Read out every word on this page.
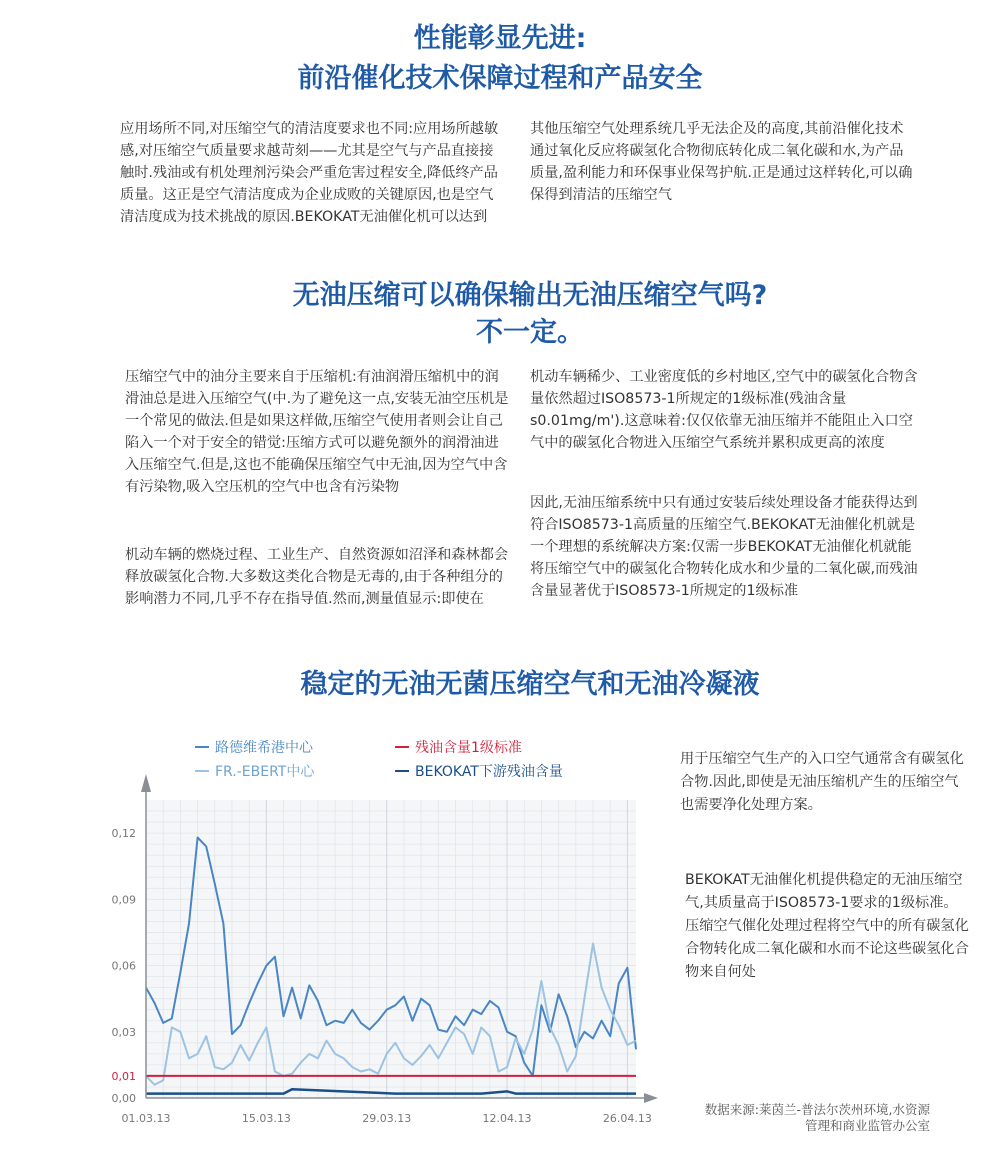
性能彰显先进:
前沿催化技术保障过程和产品安全

应用场所不同,对压缩空气的清洁度要求也不同:应用场所越敏感,对压缩空气质量要求越苛刻——尤其是空气与产品直接接触时.残油或有机处理剂污染会严重危害过程安全,降低终产品质量。这正是空气清洁度成为企业成败的关键原因,也是空气清洁度成为技术挑战的原因.BEKOKAT无油催化机可以达到

其他压缩空气处理系统几乎无法企及的高度,其前沿催化技术通过氧化反应将碳氢化合物彻底转化成二氧化碳和水,为产品质量,盈利能力和环保事业保驾护航.正是通过这样转化,可以确保得到清洁的压缩空气

无油压缩可以确保输出无油压缩空气吗?
不一定。

压缩空气中的油分主要来自于压缩机:有油润滑压缩机中的润滑油总是进入压缩空气(中.为了避免这一点,安装无油空压机是一个常见的做法.但是如果这样做,压缩空气使用者则会让自己陷入一个对于安全的错觉:压缩方式可以避免额外的润滑油进入压缩空气.但是,这也不能确保压缩空气中无油,因为空气中含有污染物,吸入空压机的空气中也含有污染物

机动车辆的燃烧过程、工业生产、自然资源如沼泽和森林都会释放碳氢化合物.大多数这类化合物是无毒的,由于各种组分的影响潜力不同,几乎不存在指导值.然而,测量值显示:即使在

机动车辆稀少、工业密度低的乡村地区,空气中的碳氢化合物含量依然超过ISO8573-1所规定的1级标准(残油含量s0.01mg/m').这意味着:仅仅依靠无油压缩并不能阻止入口空气中的碳氢化合物进入压缩空气系统并累积成更高的浓度

因此,无油压缩系统中只有通过安装后续处理设备才能获得达到符合ISO8573-1高质量的压缩空气.BEKOKAT无油催化机就是一个理想的系统解决方案:仅需一步BEKOKAT无油催化机就能将压缩空气中的碳氢化合物转化成水和少量的二氧化碳,而残油含量显著优于ISO8573-1所规定的1级标准

稳定的无油无菌压缩空气和无油冷凝液
路德维希港中心	残油含量1级标准
FR.-EBERT中心	BEKOKAT下游残油含量
0,00
0,01
0,03
0,06
0,09
0,12
01.03.13	15.03.13	29.03.13	12.04.13	26.04.13

用于压缩空气生产的入口空气通常含有碳氢化合物.因此,即使是无油压缩机产生的压缩空气也需要净化处理方案。

BEKOKAT无油催化机提供稳定的无油压缩空气,其质量高于ISO8573-1要求的1级标准。压缩空气催化处理过程将空气中的所有碳氢化合物转化成二氧化碳和水而不论这些碳氢化合物来自何处

数据来源:莱茵兰-普法尔茨州环境,水资源
管理和商业监管办公室
